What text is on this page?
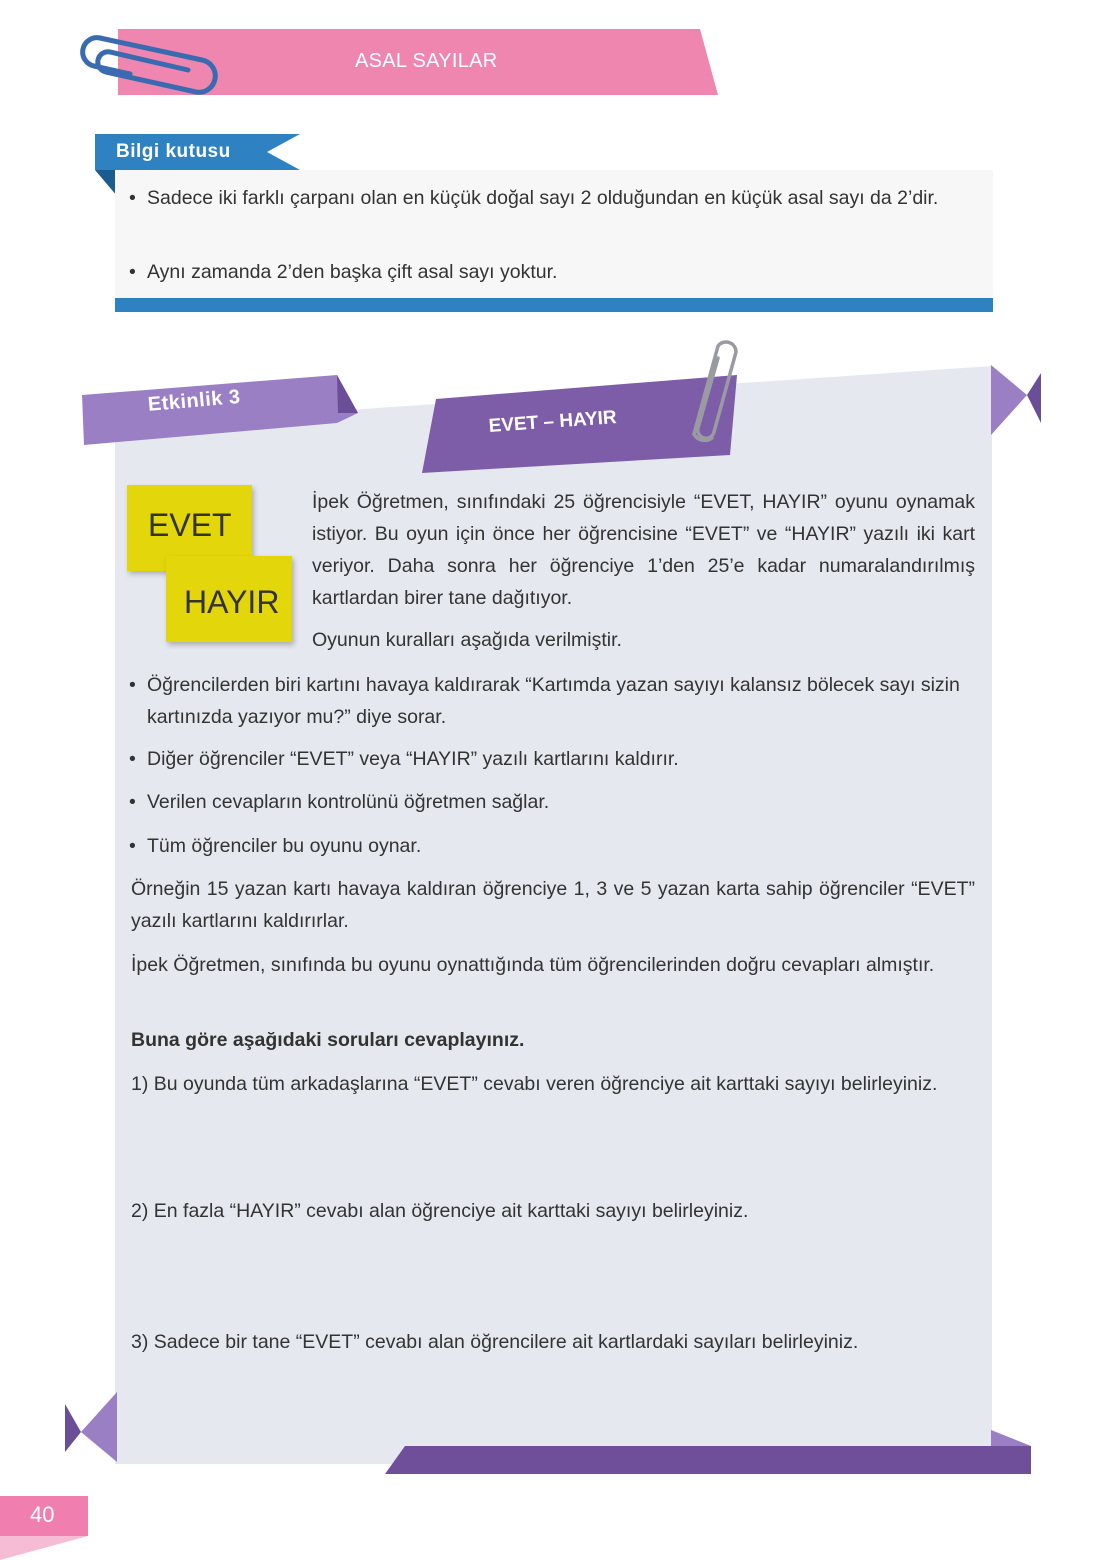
ASAL SAYILAR
Bilgi kutusu
• Sadece iki farklı çarpanı olan en küçük doğal sayı 2 olduğundan en küçük asal sayı da 2’dir.
• Aynı zamanda 2’den başka çift asal sayı yoktur.
Etkinlik 3
EVET – HAYIR
EVET
HAYIR
İpek Öğretmen, sınıfındaki 25 öğrencisiyle “EVET, HAYIR” oyunu oynamak istiyor. Bu oyun için önce her öğrencisine “EVET” ve “HAYIR” yazılı iki kart veriyor. Daha sonra her öğrenciye 1’den 25’e kadar numaralandırılmış kartlardan birer tane dağıtıyor.
Oyunun kuralları aşağıda verilmiştir.
• Öğrencilerden biri kartını havaya kaldırarak “Kartımda yazan sayıyı kalansız bölecek sayı sizin kartınızda yazıyor mu?” diye sorar.
• Diğer öğrenciler “EVET” veya “HAYIR” yazılı kartlarını kaldırır.
• Verilen cevapların kontrolünü öğretmen sağlar.
• Tüm öğrenciler bu oyunu oynar.
Örneğin 15 yazan kartı havaya kaldıran öğrenciye 1, 3 ve 5 yazan karta sahip öğrenciler “EVET” yazılı kartlarını kaldırırlar.
İpek Öğretmen, sınıfında bu oyunu oynattığında tüm öğrencilerinden doğru cevapları almıştır.
Buna göre aşağıdaki soruları cevaplayınız.
1) Bu oyunda tüm arkadaşlarına “EVET” cevabı veren öğrenciye ait karttaki sayıyı belirleyiniz.
2) En fazla “HAYIR” cevabı alan öğrenciye ait karttaki sayıyı belirleyiniz.
3) Sadece bir tane “EVET” cevabı alan öğrencilere ait kartlardaki sayıları belirleyiniz.
40
